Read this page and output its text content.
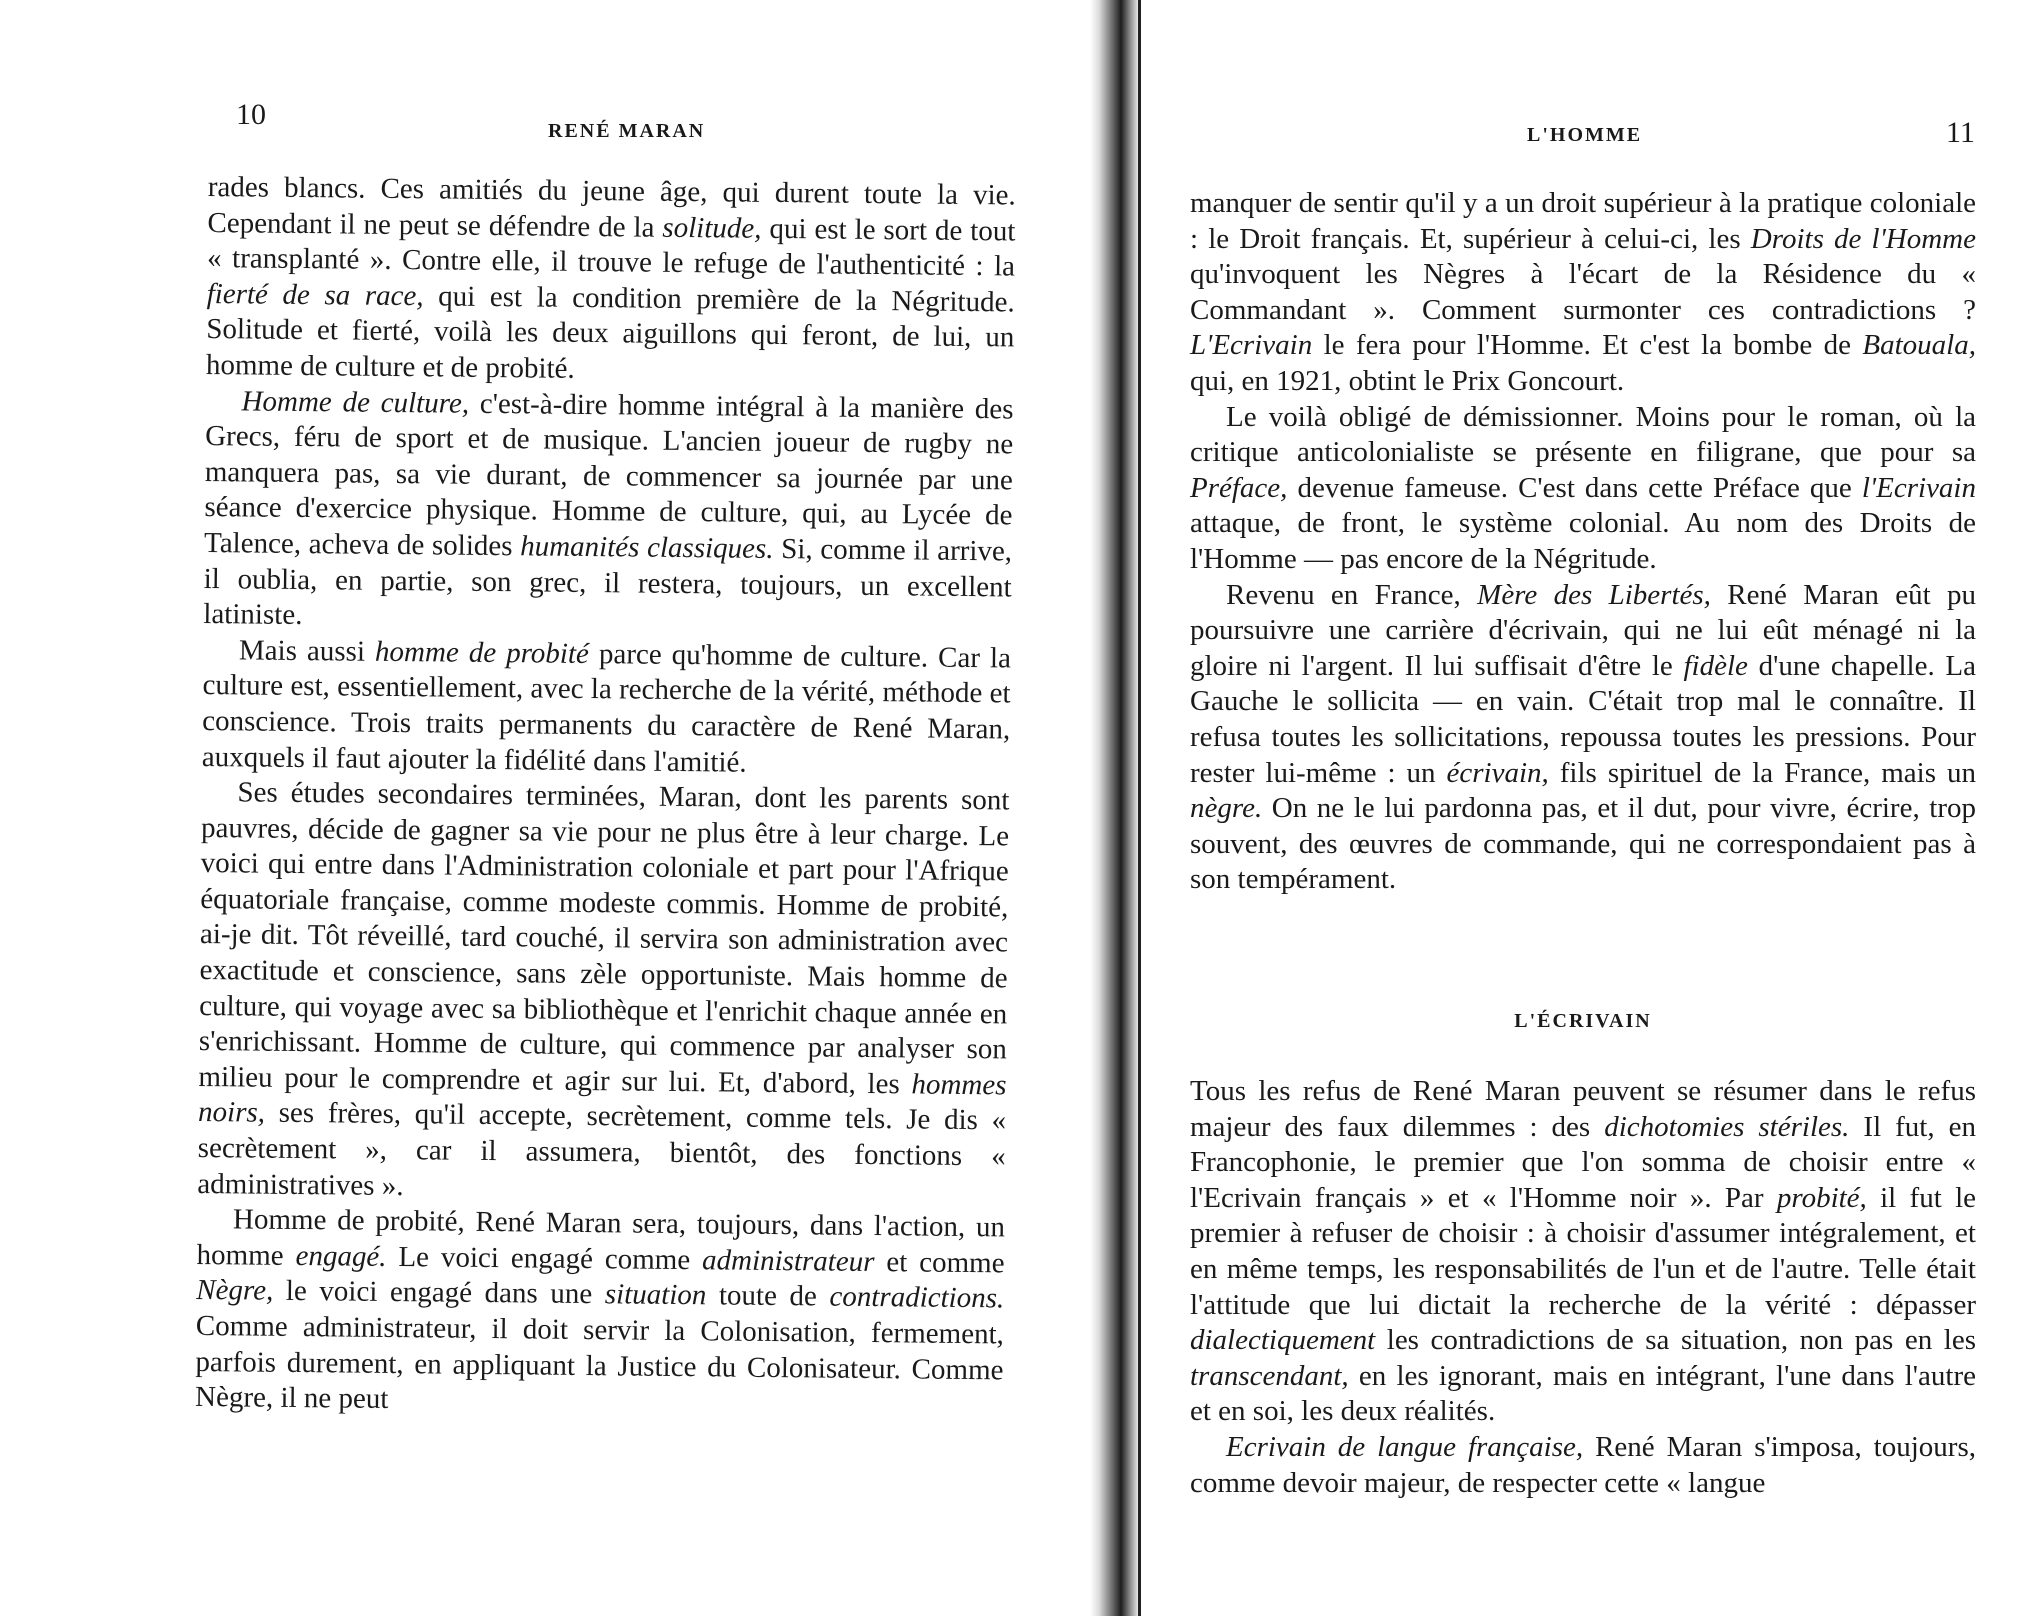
10	RENÉ MARAN

rades blancs. Ces amitiés du jeune âge, qui durent toute la vie. Cependant il ne peut se défendre de la solitude, qui est le sort de tout « transplanté ». Contre elle, il trouve le refuge de l'authenticité : la fierté de sa race, qui est la condition première de la Négritude. Solitude et fierté, voilà les deux aiguillons qui feront, de lui, un homme de culture et de probité.

Homme de culture, c'est-à-dire homme intégral à la manière des Grecs, féru de sport et de musique. L'ancien joueur de rugby ne manquera pas, sa vie durant, de commencer sa journée par une séance d'exercice physique. Homme de culture, qui, au Lycée de Talence, acheva de solides humanités classiques. Si, comme il arrive, il oublia, en partie, son grec, il restera, toujours, un excellent latiniste.

Mais aussi homme de probité parce qu'homme de culture. Car la culture est, essentiellement, avec la recherche de la vérité, méthode et conscience. Trois traits permanents du caractère de René Maran, auxquels il faut ajouter la fidélité dans l'amitié.

Ses études secondaires terminées, Maran, dont les parents sont pauvres, décide de gagner sa vie pour ne plus être à leur charge. Le voici qui entre dans l'Administration coloniale et part pour l'Afrique équatoriale française, comme modeste commis. Homme de probité, ai-je dit. Tôt réveillé, tard couché, il servira son administration avec exactitude et conscience, sans zèle opportuniste. Mais homme de culture, qui voyage avec sa bibliothèque et l'enrichit chaque année en s'enrichissant. Homme de culture, qui commence par analyser son milieu pour le comprendre et agir sur lui. Et, d'abord, les hommes noirs, ses frères, qu'il accepte, secrètement, comme tels. Je dis « secrètement », car il assumera, bientôt, des fonctions « administratives ».

Homme de probité, René Maran sera, toujours, dans l'action, un homme engagé. Le voici engagé comme administrateur et comme Nègre, le voici engagé dans une situation toute de contradictions. Comme administrateur, il doit servir la Colonisation, fermement, parfois durement, en appliquant la Justice du Colonisateur. Comme Nègre, il ne peut

L'HOMME	11

manquer de sentir qu'il y a un droit supérieur à la pratique coloniale : le Droit français. Et, supérieur à celui-ci, les Droits de l'Homme qu'invoquent les Nègres à l'écart de la Résidence du « Commandant ». Comment surmonter ces contradictions ? L'Ecrivain le fera pour l'Homme. Et c'est la bombe de Batouala, qui, en 1921, obtint le Prix Goncourt.

Le voilà obligé de démissionner. Moins pour le roman, où la critique anticolonialiste se présente en filigrane, que pour sa Préface, devenue fameuse. C'est dans cette Préface que l'Ecrivain attaque, de front, le système colonial. Au nom des Droits de l'Homme — pas encore de la Négritude.

Revenu en France, Mère des Libertés, René Maran eût pu poursuivre une carrière d'écrivain, qui ne lui eût ménagé ni la gloire ni l'argent. Il lui suffisait d'être le fidèle d'une chapelle. La Gauche le sollicita — en vain. C'était trop mal le connaître. Il refusa toutes les sollicitations, repoussa toutes les pressions. Pour rester lui-même : un écrivain, fils spirituel de la France, mais un nègre. On ne le lui pardonna pas, et il dut, pour vivre, écrire, trop souvent, des œuvres de commande, qui ne correspondaient pas à son tempérament.

L'ÉCRIVAIN

Tous les refus de René Maran peuvent se résumer dans le refus majeur des faux dilemmes : des dichotomies stériles. Il fut, en Francophonie, le premier que l'on somma de choisir entre « l'Ecrivain français » et « l'Homme noir ». Par probité, il fut le premier à refuser de choisir : à choisir d'assumer intégralement, et en même temps, les responsabilités de l'un et de l'autre. Telle était l'attitude que lui dictait la recherche de la vérité : dépasser dialectiquement les contradictions de sa situation, non pas en les transcendant, en les ignorant, mais en intégrant, l'une dans l'autre et en soi, les deux réalités.

Ecrivain de langue française, René Maran s'imposa, toujours, comme devoir majeur, de respecter cette « langue
